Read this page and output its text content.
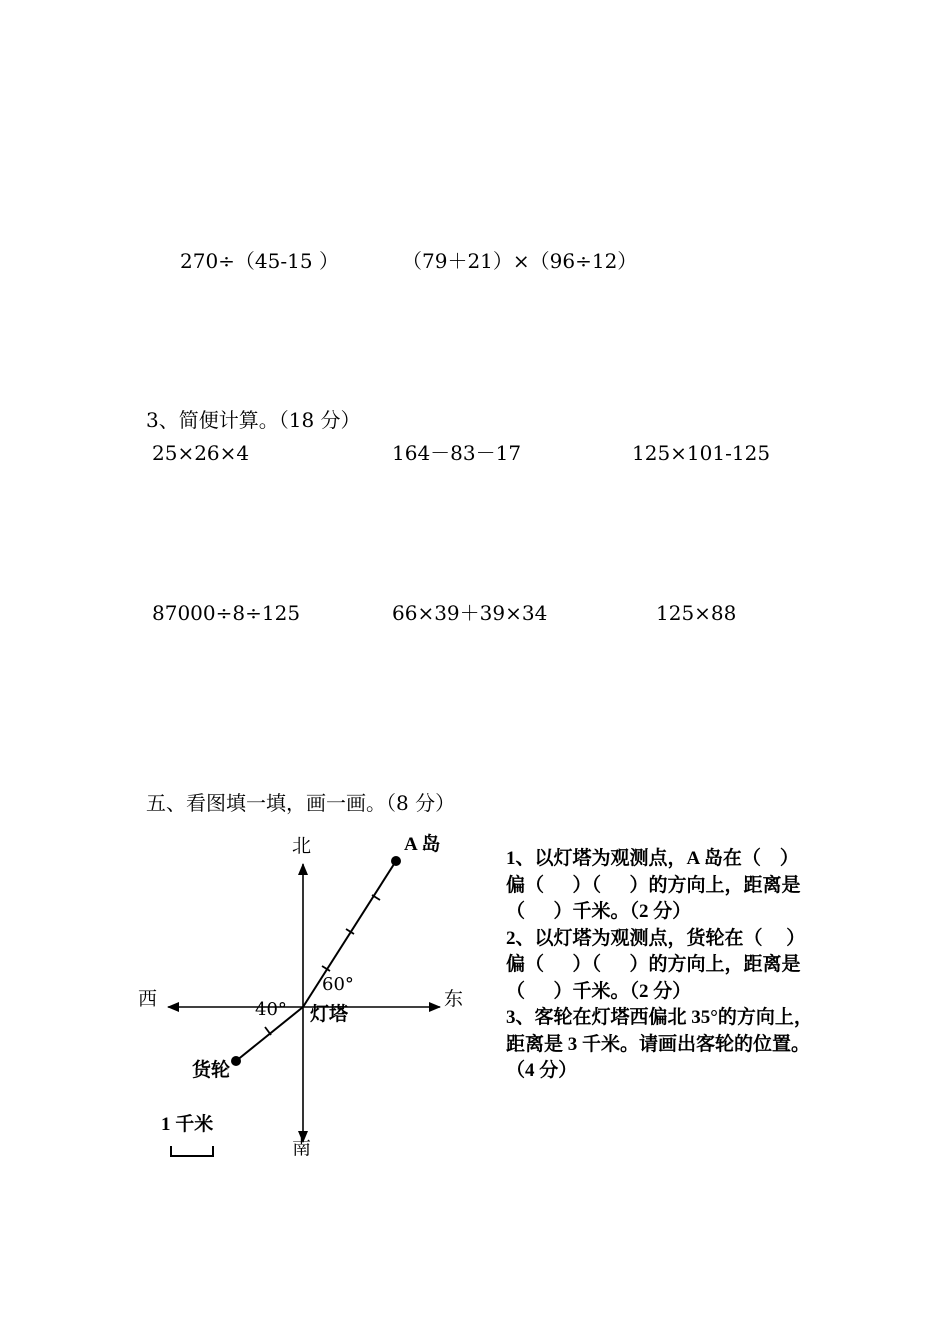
270÷（45-15 ）	（79＋21）×（96÷12）
3、简便计算。（18 分）
25×26×4	164－83－17	125×101-125
87000÷8÷125	66×39＋39×34	125×88
五、看图填一填，画一画。（8 分）
北
南
东
西
灯塔
A 岛
货轮
60°
40°
1 千米
1、以灯塔为观测点，A 岛在（    ）
偏（      ）（      ）的方向上，距离是
（      ）千米。（2 分）
2、以灯塔为观测点，货轮在（     ）
偏（      ）（      ）的方向上，距离是
（      ）千米。（2 分）
3、客轮在灯塔西偏北 35°的方向上，
距离是 3 千米。请画出客轮的位置。
（4 分）
